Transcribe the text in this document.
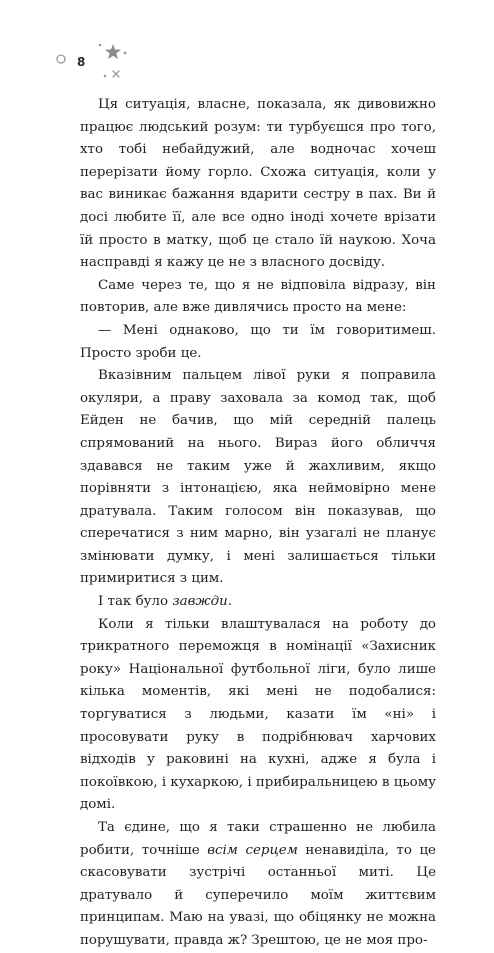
8

Ця ситуація, власне, показала, як дивовижно працює людський розум: ти турбуєшся про того, хто тобі небайдужий, але водночас хочеш перерізати йому горло. Схожа ситуація, коли у вас виникає бажання вдарити сестру в пах. Ви й досі любите її, але все одно іноді хочете врізати їй просто в матку, щоб це стало їй наукою. Хоча насправді я кажу це не з власного досвіду.

Саме через те, що я не відповіла відразу, він повторив, але вже дивлячись просто на мене:

— Мені однаково, що ти їм говоритимеш. Просто зроби це.

Вказівним пальцем лівої руки я поправила окуляри, а праву заховала за комод так, щоб Ейден не бачив, що мій середній палець спрямований на нього. Вираз його обличчя здавався не таким уже й жахливим, якщо порівняти з інтонацією, яка неймовірно мене дратувала. Таким голосом він показував, що сперечатися з ним марно, він узагалі не планує змінювати думку, і мені залишається тільки примиритися з цим.

І так було завжди.

Коли я тільки влаштувалася на роботу до трикратного переможця в номінації «Захисник року» Національної футбольної ліги, було лише кілька моментів, які мені не подобалися: торгуватися з людьми, казати їм «ні» і просовувати руку в подрібнювач харчових відходів у раковині на кухні, адже я була і покоївкою, і кухаркою, і прибиральницею в цьому домі.

Та єдине, що я таки страшенно не любила робити, точніше всім серцем ненавиділа, то це скасовувати зустрічі останньої миті. Це дратувало й суперечило моїм життєвим принципам. Маю на увазі, що обіцянку не можна порушувати, правда ж? Зрештою, це не моя про-
